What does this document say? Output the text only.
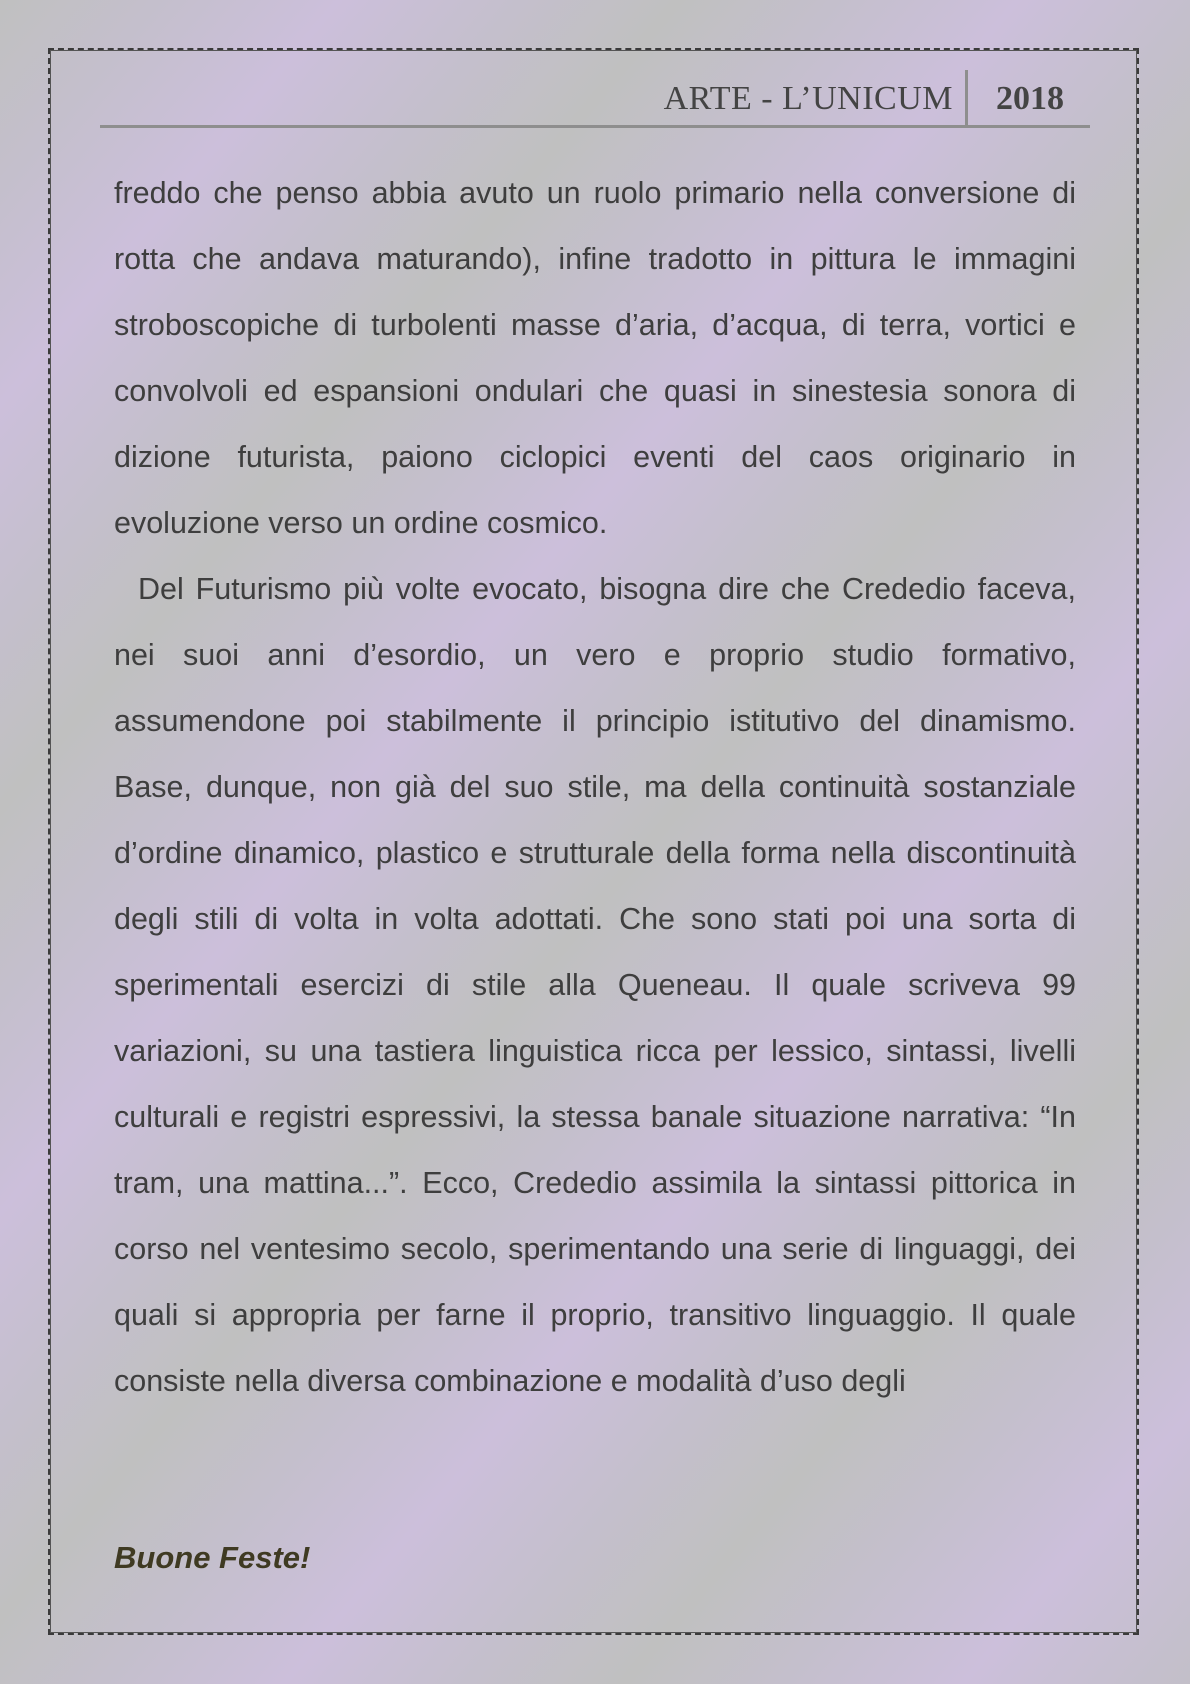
ARTE - L’UNICUM 2018

freddo che penso abbia avuto un ruolo primario nella conversione di rotta che andava maturando), infine tradotto in pittura le immagini stroboscopiche di turbolenti masse d’aria, d’acqua, di terra, vortici e convolvoli ed espansioni ondulari che quasi in sinestesia sonora di dizione futurista, paiono ciclopici eventi del caos originario in evoluzione verso un ordine cosmico.

Del Futurismo più volte evocato, bisogna dire che Crededio faceva, nei suoi anni d’esordio, un vero e proprio studio formativo, assumendone poi stabilmente il principio istitutivo del dinamismo. Base, dunque, non già del suo stile, ma della continuità sostanziale d’ordine dinamico, plastico e strutturale della forma nella discontinuità degli stili di volta in volta adottati. Che sono stati poi una sorta di sperimentali esercizi di stile alla Queneau. Il quale scriveva 99 variazioni, su una tastiera linguistica ricca per lessico, sintassi, livelli culturali e registri espressivi, la stessa banale situazione narrativa: “In tram, una mattina...”. Ecco, Crededio assimila la sintassi pittorica in corso nel ventesimo secolo, sperimentando una serie di linguaggi, dei quali si appropria per farne il proprio, transitivo linguaggio. Il quale consiste nella diversa combinazione e modalità d’uso degli

Buone Feste!
